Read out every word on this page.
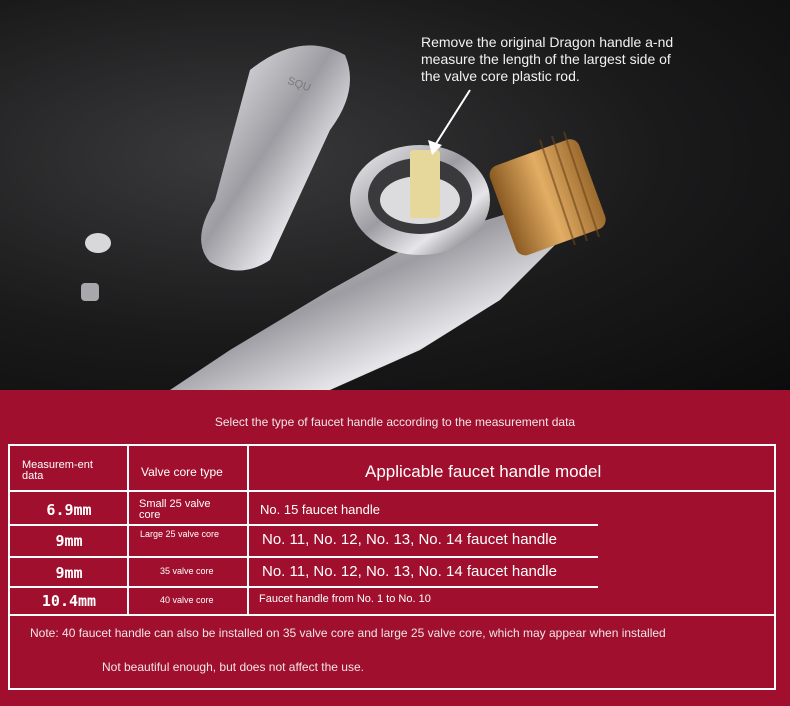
SQU
Remove the original Dragon handle a-nd measure the length of the largest side of the valve core plastic rod.
Select the type of faucet handle according to the measurement data
Measurem-ent data	Valve core type	Applicable faucet handle model
6.9mm	Small 25 valve core	No. 15 faucet handle
9mm	Large 25 valve core	No. 11, No. 12, No. 13, No. 14 faucet handle
9mm	35 valve core	No. 11, No. 12, No. 13, No. 14 faucet handle
10.4mm	40 valve core	Faucet handle from No. 1 to No. 10
Note: 40 faucet handle can also be installed on 35 valve core and large 25 valve core, which may appear when installed
Not beautiful enough, but does not affect the use.
